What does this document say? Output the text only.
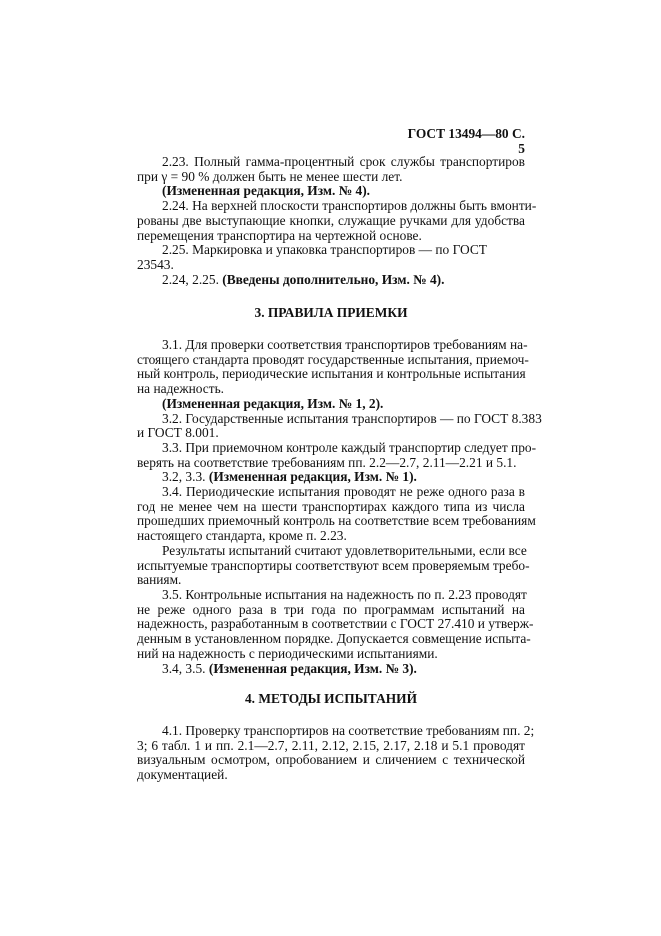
ГОСТ 13494—80 С. 5
2.23. Полный гамма-процентный срок службы транспортиров
при γ = 90 % должен быть не менее шести лет.
(Измененная редакция, Изм. № 4).
2.24. На верхней плоскости транспортиров должны быть вмонти-
рованы две выступающие кнопки, служащие ручками для удобства
перемещения транспортира на чертежной основе.
2.25. Маркировка и упаковка транспортиров — по ГОСТ 23543.
2.24, 2.25. (Введены дополнительно, Изм. № 4).
3. ПРАВИЛА ПРИЕМКИ
3.1. Для проверки соответствия транспортиров требованиям на-
стоящего стандарта проводят государственные испытания, приемоч-
ный контроль, периодические испытания и контрольные испытания
на надежность.
(Измененная редакция, Изм. № 1, 2).
3.2. Государственные испытания транспортиров — по ГОСТ 8.383
и ГОСТ 8.001.
3.3. При приемочном контроле каждый транспортир следует про-
верять на соответствие требованиям пп. 2.2—2.7, 2.11—2.21 и 5.1.
3.2, 3.3. (Измененная редакция, Изм. № 1).
3.4. Периодические испытания проводят не реже одного раза в
год не менее чем на шести транспортирах каждого типа из числа
прошедших приемочный контроль на соответствие всем требованиям
настоящего стандарта, кроме п. 2.23.
Результаты испытаний считают удовлетворительными, если все
испытуемые транспортиры соответствуют всем проверяемым требо-
ваниям.
3.5. Контрольные испытания на надежность по п. 2.23 проводят
не реже одного раза в три года по программам испытаний на
надежность, разработанным в соответствии с ГОСТ 27.410 и утверж-
денным в установленном порядке. Допускается совмещение испыта-
ний на надежность с периодическими испытаниями.
3.4, 3.5. (Измененная редакция, Изм. № 3).
4. МЕТОДЫ ИСПЫТАНИЙ
4.1. Проверку транспортиров на соответствие требованиям пп. 2;
3; 6 табл. 1 и пп. 2.1—2.7, 2.11, 2.12, 2.15, 2.17, 2.18 и 5.1 проводят
визуальным осмотром, опробованием и сличением с технической
документацией.
